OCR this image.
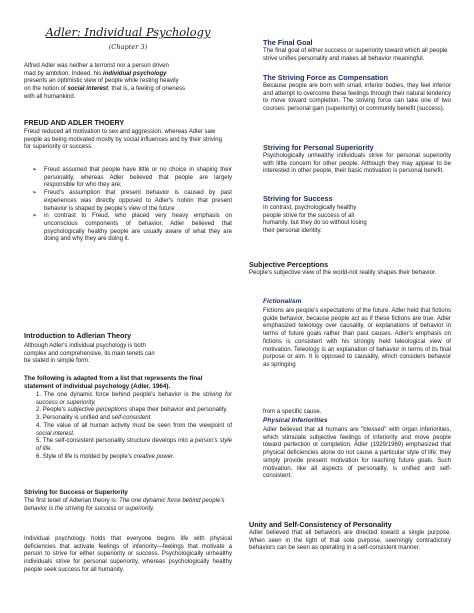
Adler: Individual Psychology
(Chapter 3)
Alfred Adler was neither a terrorist nor a person driven
mad by ambition. Indeed, his individual psychology
presents an optimistic view of people while resting heavily
on the notion of social interest, that is, a feeling of oneness
with all humankind.
FREUD AND ADLER THOERY
Freud reduced all motivation to sex and aggression, whereas Adler saw people as being motivated mostly by social influences and by their striving for superiority or success.
➢ Freud assumed that people have little or no choice in shaping their personality, whereas Adler believed that people are largely responsible for who they are;
➢ Freud's assumption that present behavior is caused by past experiences was directly opposed to Adler's notion that present behavior is shaped by people's view of the future
➢ in contrast to Freud, who placed very heavy emphasis on unconscious components of behavior, Adler believed that psychologically healthy people are usually aware of what they are doing and why they are doing it.
Introduction to Adlerian Theory
Although Adler's individual psychology is both
complex and comprehensive, its main tenets can
be stated in simple form.
The following is adapted from a list that represents the final statement of individual psychology (Adler, 1964).
1. The one dynamic force behind people's behavior is the striving for success or superiority.
2. People's subjective perceptions shape their behavior and personality.
3. Personality is unified and self-consistent.
4. The value of all human activity must be seen from the viewpoint of social interest.
5. The self-consistent personality structure develops into a person's style of life.
6. Style of life is molded by people's creative power.
Striving for Success or Superiority
The first tenet of Adlerian theory is: The one dynamic force behind people's behavior is the striving for success or superiority.
Individual psychology holds that everyone begins life with physical deficiencies that activate feelings of inferiority—feelings that motivate a person to strive for either superiority or success. Psychologically unhealthy individuals strive for personal superiority, whereas psychologically healthy people seek success for all humanity.
The Final Goal
The final goal of either success or superiority toward which all people strive unifies personality and makes all behavior meaningful.
The Striving Force as Compensation
Because people are born with small, inferior bodies, they feel inferior and attempt to overcome these feelings through their natural tendency to move toward completion. The striving force can take one of two courses: personal gain (superiority) or community benefit (success).
Striving for Personal Superiority
Psychologically unhealthy individuals strive for personal superiority with little concern for other people. Although they may appear to be interested in other people, their basic motivation is personal benefit.
Striving for Success
In contrast, psychologically healthy
people strive for the success of all
humanity, but they do so without losing
their personal identity.
Subjective Perceptions
People's subjective view of the world-not reality shapes their behavior.
Fictionalism
Fictions are people's expectations of the future. Adler held that fictions guide behavior, because people act as if these fictions are true. Adler emphasized teleology over causality, or explanations of behavior in terms of future goals rather than past causes. Adler's emphasis on fictions is consistent with his strongly held teleological view of motivation. Teleology is an explanation of behavior in terms of its final purpose or aim. It is opposed to causality, which considers behavior as springing
from a specific cause.
Physical Inferiorities
Adler believed that all humans are "blessed" with organ inferiorities, which stimulate subjective feelings of inferiority and move people toward perfection or completion. Adler (1929/1969) emphasized that physical deficiencies alone do not cause a particular style of life; they simply provide present motivation for reaching future goals. Such motivation, like all aspects of personality, is unified and self-consistent.
Unity and Self-Consistency of Personality
Adler believed that all behaviors are directed toward a single purpose. When seen in the light of that sole purpose, seemingly contradictory behaviors can be seen as operating in a self-consistent manner.
